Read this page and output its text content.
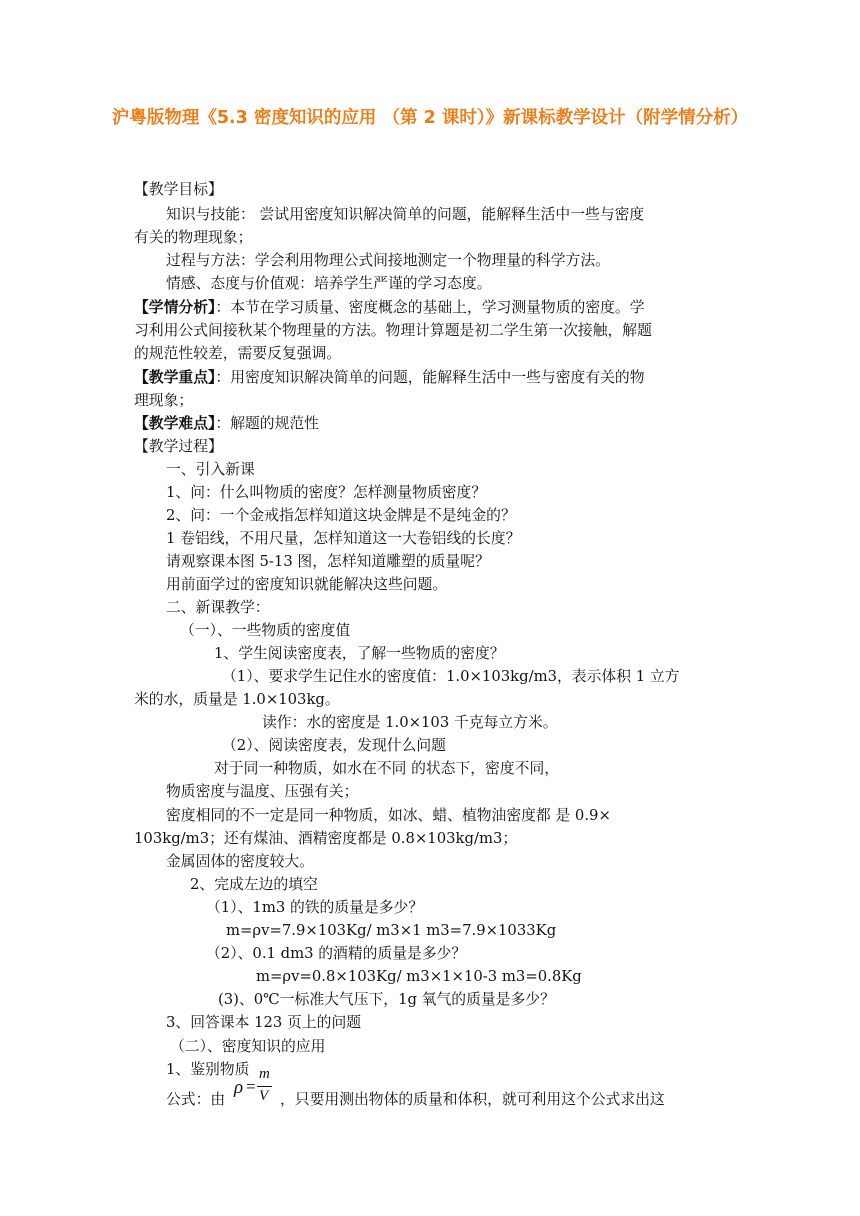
沪粤版物理《5.3 密度知识的应用 （第 2 课时）》新课标教学设计（附学情分析）
【教学目标】
知识与技能： 尝试用密度知识解决简单的问题，能解释生活中一些与密度
有关的物理现象；
过程与方法：学会利用物理公式间接地测定一个物理量的科学方法。
情感、态度与价值观：培养学生严谨的学习态度。
【学情分析】：本节在学习质量、密度概念的基础上，学习测量物质的密度。学
习利用公式间接秋某个物理量的方法。物理计算题是初二学生第一次接触，解题
的规范性较差，需要反复强调。
【教学重点】：用密度知识解决简单的问题，能解释生活中一些与密度有关的物
理现象；
【教学难点】：解题的规范性
【教学过程】
一、引入新课
1、问：什么叫物质的密度？怎样测量物质密度？
2、问：一个金戒指怎样知道这块金牌是不是纯金的？
1 卷铝线，不用尺量，怎样知道这一大卷铝线的长度？
请观察课本图 5-13 图，怎样知道雕塑的质量呢？
用前面学过的密度知识就能解决这些问题。
二、新课教学：
（一）、一些物质的密度值
1、学生阅读密度表，了解一些物质的密度？
（1）、要求学生记住水的密度值：1.0×103kg/m3，表示体积 1 立方
米的水，质量是 1.0×103kg。
读作：水的密度是 1.0×103 千克每立方米。
（2）、阅读密度表，发现什么问题
对于同一种物质，如水在不同 的状态下，密度不同，
物质密度与温度、压强有关；
密度相同的不一定是同一种物质，如冰、蜡、植物油密度都 是 0.9×
103kg/m3；还有煤油、酒精密度都是 0.8×103kg/m3；
金属固体的密度较大。
2、完成左边的填空
（1）、1m3 的铁的质量是多少？
m=ρv=7.9×103Kg/ m3×1 m3=7.9×1033Kg
（2）、0.1 dm3 的酒精的质量是多少？
m=ρv=0.8×103Kg/ m3×1×10-3 m3=0.8Kg
(3)、0℃一标准大气压下，1g 氧气的质量是多少？
3、回答课本 123 页上的问题
（二）、密度知识的应用
1、鉴别物质
公式：由
ρ =
m
V ，只要用测出物体的质量和体积，就可利用这个公式求出这
